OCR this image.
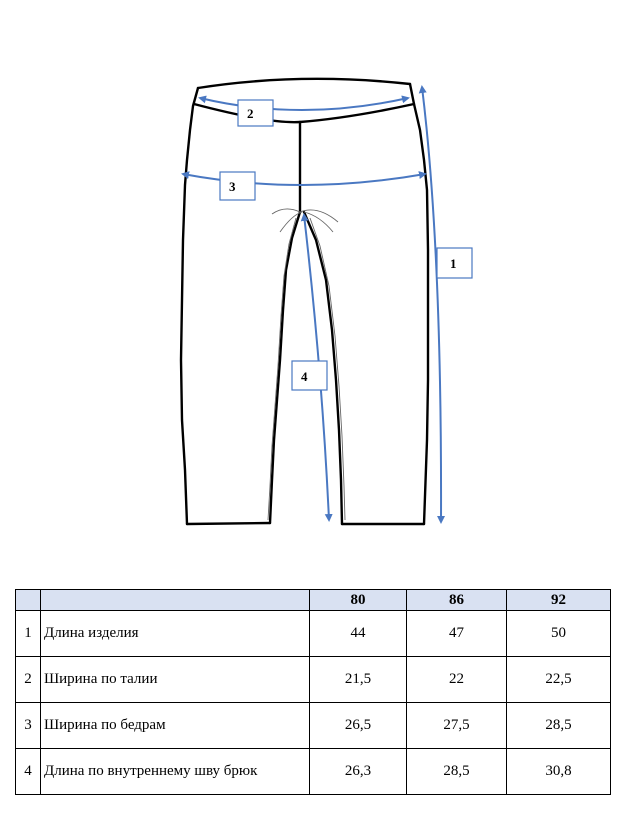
1
2
3
4
		80	86	92
1	Длина изделия	44	47	50
2	Ширина по талии	21,5	22	22,5
3	Ширина по бедрам	26,5	27,5	28,5
4	Длина по внутреннему шву брюк	26,3	28,5	30,8
